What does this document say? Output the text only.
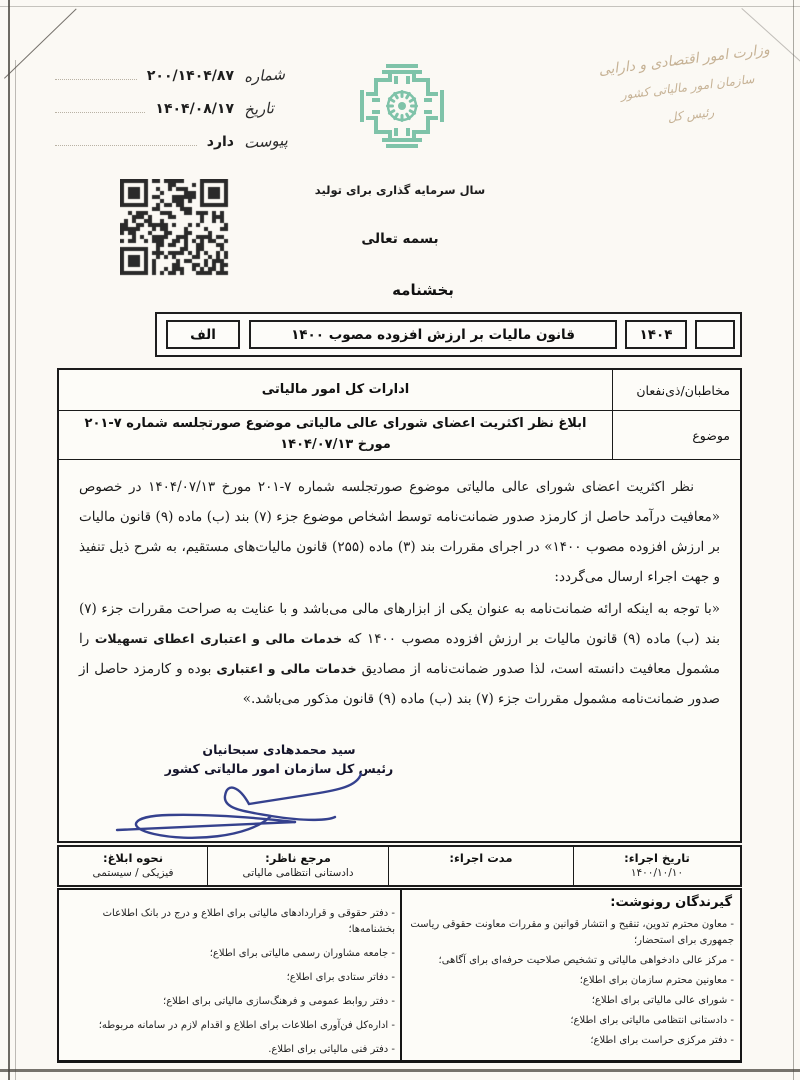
شماره
۲۰۰/۱۴۰۴/۸۷
تاریخ
۱۴۰۴/۰۸/۱۷
پیوست
دارد
وزارت امور اقتصادی و دارایی
سازمان امور مالیاتی کشور
رئیس کل
سال سرمایه گذاری برای تولید
بسمه تعالی
بخشنامه
الف	قانون مالیات بر ارزش افزوده مصوب ۱۴۰۰	۱۴۰۴
مخاطبان/ذی‌نفعان
ادارات کل امور مالیاتی
موضوع
ابلاغ نظر اکثریت اعضای شورای عالی مالیاتی موضوع صورتجلسه شماره ۷-۲۰۱ مورخ ۱۴۰۴/۰۷/۱۳

نظر اکثریت اعضای شورای عالی مالیاتی موضوع صورتجلسه شماره ۷-۲۰۱ مورخ ۱۴۰۴/۰۷/۱۳ در خصوص «معافیت درآمد حاصل از کارمزد صدور ضمانت‌نامه توسط اشخاص موضوع جزء (۷) بند (ب) ماده (۹) قانون مالیات بر ارزش افزوده مصوب ۱۴۰۰» در اجرای مقررات بند (۳) ماده (۲۵۵) قانون مالیات‌های مستقیم، به شرح ذیل تنفیذ و جهت اجراء ارسال می‌گردد:

«با توجه به اینکه ارائه ضمانت‌نامه به عنوان یکی از ابزارهای مالی می‌باشد و با عنایت به صراحت مقررات جزء (۷) بند (ب) ماده (۹) قانون مالیات بر ارزش افزوده مصوب ۱۴۰۰ که خدمات مالی و اعتباری اعطای تسهیلات را مشمول معافیت دانسته است، لذا صدور ضمانت‌نامه از مصادیق خدمات مالی و اعتباری بوده و کارمزد حاصل از صدور ضمانت‌نامه مشمول مقررات جزء (۷) بند (ب) ماده (۹) قانون مذکور می‌باشد.»

سید محمدهادی سبحانیان
رئیس کل سازمان امور مالیاتی کشور
تاریخ اجراء:
۱۴۰۰/۱۰/۱۰
مدت اجراء:
مرجع ناظر:
دادستانی انتظامی مالیاتی
نحوه ابلاغ:
فیزیکی / سیستمی
گیرندگان رونوشت:
- معاون محترم تدوین، تنقیح و انتشار قوانین و مقررات معاونت حقوقی ریاست جمهوری برای استحضار؛
- مرکز عالی دادخواهی مالیاتی و تشخیص صلاحیت حرفه‌ای برای آگاهی؛
- معاونین محترم سازمان برای اطلاع؛
- شورای عالی مالیاتی برای اطلاع؛
- دادستانی انتظامی مالیاتی برای اطلاع؛
- دفتر مرکزی حراست برای اطلاع؛
- دفتر حقوقی و قراردادهای مالیاتی برای اطلاع و درج در بانک اطلاعات بخشنامه‌ها؛
- جامعه مشاوران رسمی مالیاتی برای اطلاع؛
- دفاتر ستادی برای اطلاع؛
- دفتر روابط عمومی و فرهنگ‌سازی مالیاتی برای اطلاع؛
- اداره‌کل فن‌آوری اطلاعات برای اطلاع و اقدام لازم در سامانه مربوطه؛
- دفتر فنی مالیاتی برای اطلاع.
